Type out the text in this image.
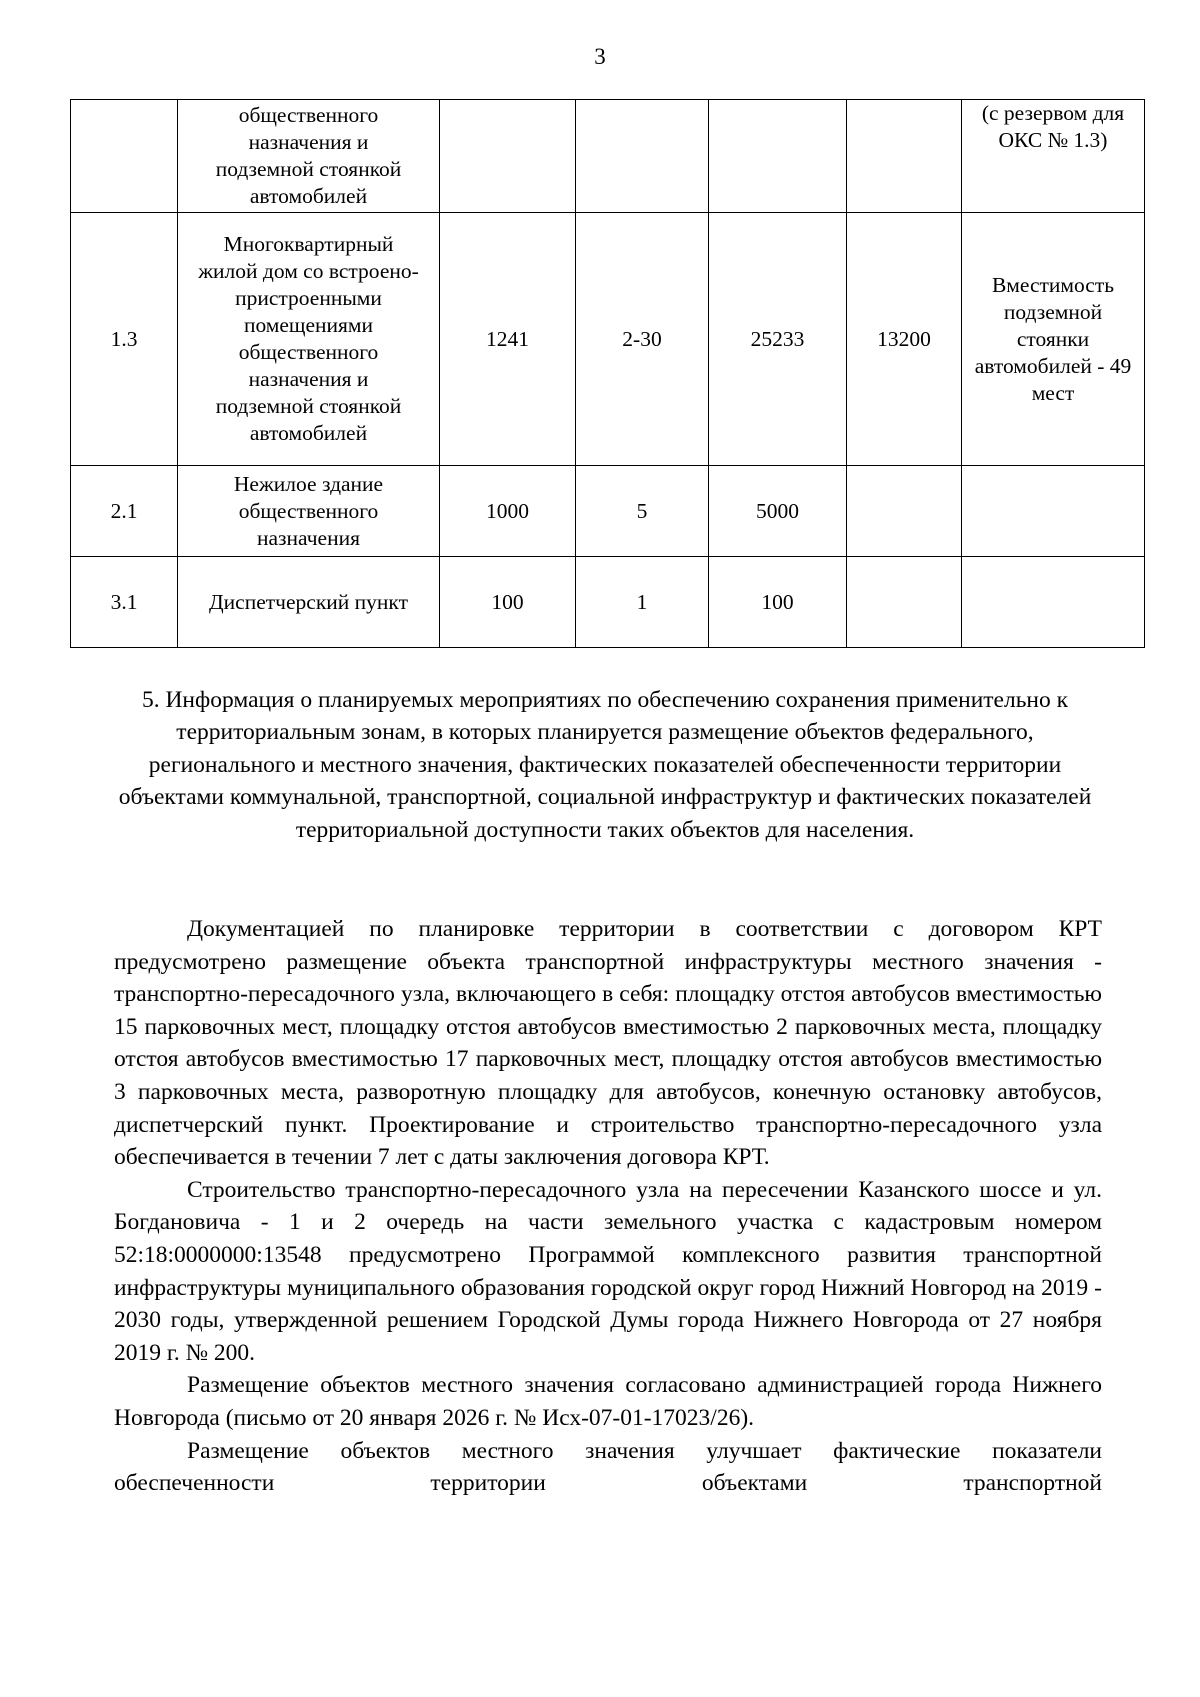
3
	общественного назначения и подземной стоянкой автомобилей					(с резервом для ОКС № 1.3)
1.3	Многоквартирный жилой дом со встроено-пристроенными помещениями общественного назначения и подземной стоянкой автомобилей	1241	2-30	25233	13200	Вместимость подземной стоянки автомобилей - 49 мест
2.1	Нежилое здание общественного назначения	1000	5	5000		
3.1	Диспетчерский пункт	100	1	100		
5. Информация о планируемых мероприятиях по обеспечению сохранения применительно к территориальным зонам, в которых планируется размещение объектов федерального, регионального и местного значения, фактических показателей обеспеченности территории объектами коммунальной, транспортной, социальной инфраструктур и фактических показателей территориальной доступности таких объектов для населения.

Документацией по планировке территории в соответствии с договором КРТ предусмотрено размещение объекта транспортной инфраструктуры местного значения - транспортно-пересадочного узла, включающего в себя: площадку отстоя автобусов вместимостью 15 парковочных мест, площадку отстоя автобусов вместимостью 2 парковочных места, площадку отстоя автобусов вместимостью 17 парковочных мест, площадку отстоя автобусов вместимостью 3 парковочных места, разворотную площадку для автобусов, конечную остановку автобусов, диспетчерский пункт. Проектирование и строительство транспортно-пересадочного узла обеспечивается в течении 7 лет с даты заключения договора КРТ.

Строительство транспортно-пересадочного узла на пересечении Казанского шоссе и ул. Богдановича - 1 и 2 очередь на части земельного участка с кадастровым номером 52:18:0000000:13548 предусмотрено Программой комплексного развития транспортной инфраструктуры муниципального образования городской округ город Нижний Новгород на 2019 - 2030 годы, утвержденной решением Городской Думы города Нижнего Новгорода от 27 ноября 2019 г. № 200.

Размещение объектов местного значения согласовано администрацией города Нижнего Новгорода (письмо от 20 января 2026 г. № Исх-07-01-17023/26).

Размещение объектов местного значения улучшает фактические показатели обеспеченности территории объектами транспортной
